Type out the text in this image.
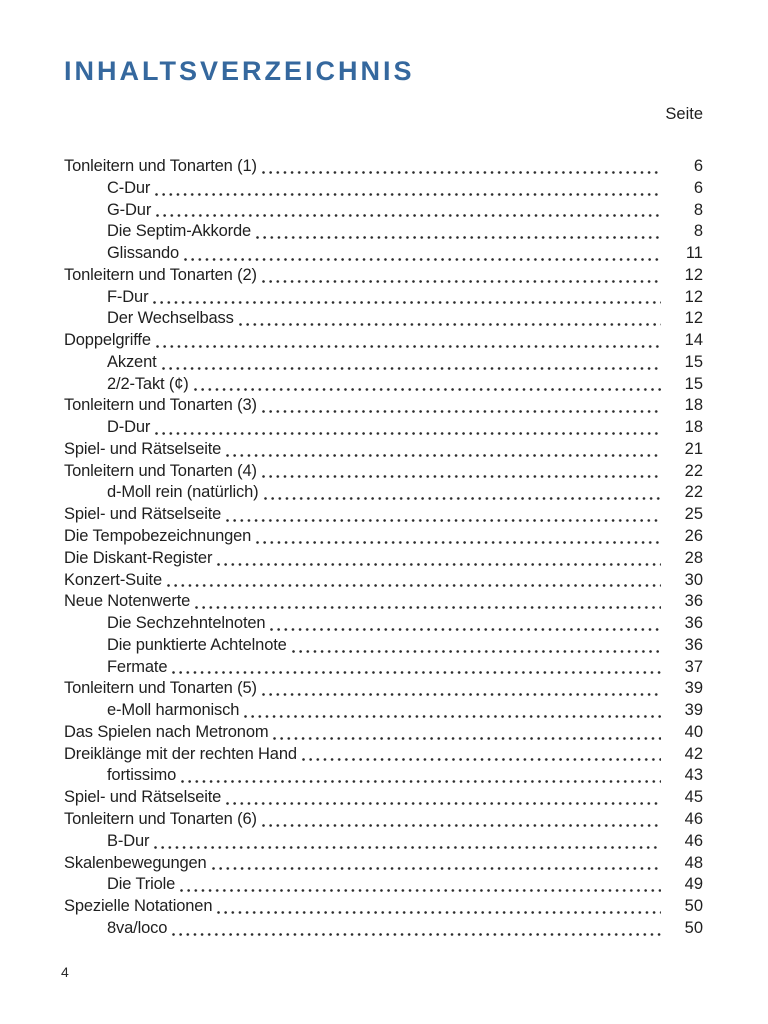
INHALTSVERZEICHNIS
Seite
Tonleitern und Tonarten (1)	6
C-Dur	6
G-Dur	8
Die Septim-Akkorde	8
Glissando	11
Tonleitern und Tonarten (2)	12
F-Dur	12
Der Wechselbass	12
Doppelgriffe	14
Akzent	15
2/2-Takt (¢)	15
Tonleitern und Tonarten (3)	18
D-Dur	18
Spiel- und Rätselseite	21
Tonleitern und Tonarten (4)	22
d-Moll rein (natürlich)	22
Spiel- und Rätselseite	25
Die Tempobezeichnungen	26
Die Diskant-Register	28
Konzert-Suite	30
Neue Notenwerte	36
Die Sechzehntelnoten	36
Die punktierte Achtelnote	36
Fermate	37
Tonleitern und Tonarten (5)	39
e-Moll harmonisch	39
Das Spielen nach Metronom	40
Dreiklänge mit der rechten Hand	42
fortissimo	43
Spiel- und Rätselseite	45
Tonleitern und Tonarten (6)	46
B-Dur	46
Skalenbewegungen	48
Die Triole	49
Spezielle Notationen	50
8va/loco	50
4
